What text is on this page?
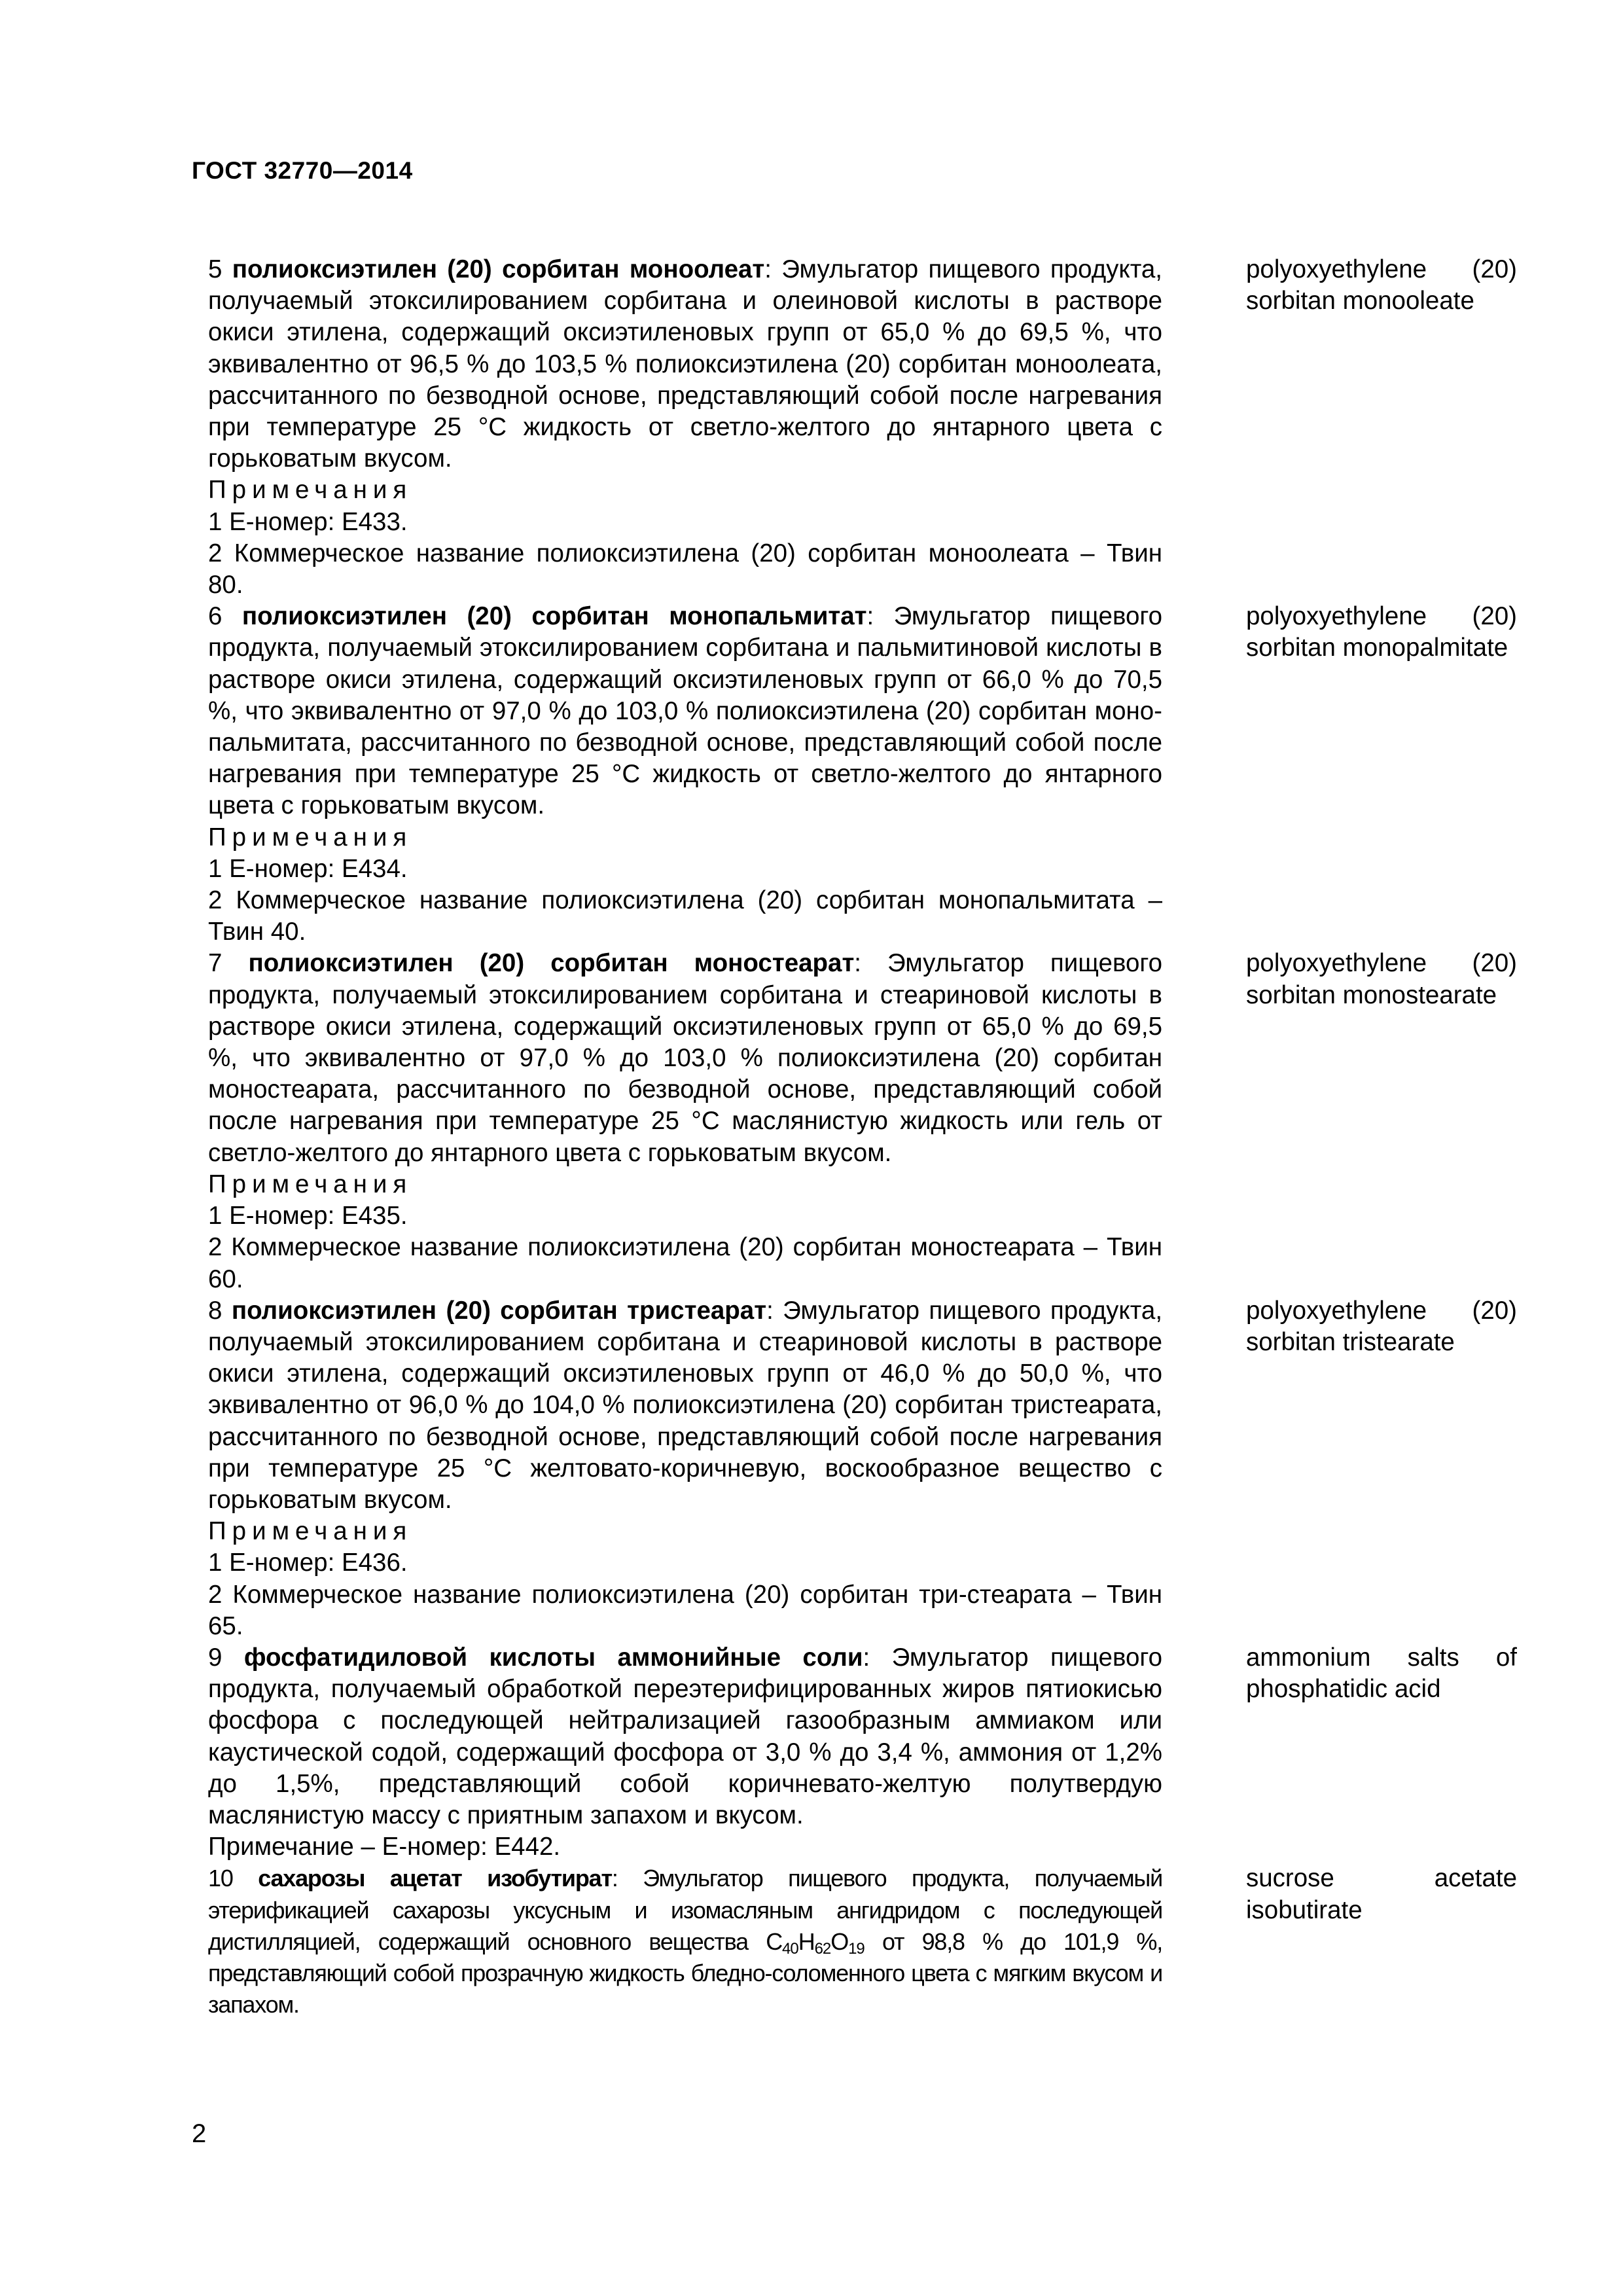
ГОСТ 32770—2014
5 полиоксиэтилен (20) сорбитан моноолеат: Эмульгатор пищевого продукта, получаемый этоксилированием сорбитана и олеиновой кислоты в растворе окиси этилена, содержащий оксиэтиленовых групп от 65,0 % до 69,5 %, что эквивалентно от 96,5 % до 103,5 % полиоксиэтилена (20) сорбитан моноолеата, рассчитанного по безводной основе, представляющий собой после нагревания при температуре 25 °С жидкость от светло-желтого до янтарного цвета с горьковатым вкусом.
Примечания
1 Е-номер: Е433.
2 Коммерческое название полиоксиэтилена (20) сорбитан моноолеата – Твин 80.
polyoxyethylene (20) sorbitan monooleate
6 полиоксиэтилен (20) сорбитан монопальмитат: Эмульгатор пищевого продукта, получаемый этоксилированием сорбитана и пальмитиновой кислоты в растворе окиси этилена, содержащий оксиэтиленовых групп от 66,0 % до 70,5 %, что эквивалентно от 97,0 % до 103,0 % полиоксиэтилена (20) сорбитан моно-пальмитата, рассчитанного по безводной основе, представляющий собой после нагревания при температуре 25 °С жидкость от светло-желтого до янтарного цвета с горьковатым вкусом.
Примечания
1 Е-номер: Е434.
2 Коммерческое название полиоксиэтилена (20) сорбитан монопальмитата – Твин 40.
polyoxyethylene (20) sorbitan monopalmitate
7 полиоксиэтилен (20) сорбитан моностеарат: Эмульгатор пищевого продукта, получаемый этоксилированием сорбитана и стеариновой кислоты в растворе окиси этилена, содержащий оксиэтиленовых групп от 65,0 % до 69,5 %, что эквивалентно от 97,0 % до 103,0 % полиоксиэтилена (20) сорбитан моностеарата, рассчитанного по безводной основе, представляющий собой после нагревания при температуре 25 °С маслянистую жидкость или гель от светло-желтого до янтарного цвета с горьковатым вкусом.
Примечания
1 Е-номер: Е435.
2 Коммерческое название полиоксиэтилена (20) сорбитан моностеарата – Твин 60.
polyoxyethylene (20) sorbitan monostearate
8 полиоксиэтилен (20) сорбитан тристеарат: Эмульгатор пищевого продукта, получаемый этоксилированием сорбитана и стеариновой кислоты в растворе окиси этилена, содержащий оксиэтиленовых групп от 46,0 % до 50,0 %, что эквивалентно от 96,0 % до 104,0 % полиоксиэтилена (20) сорбитан тристеарата, рассчитанного по безводной основе, представляющий собой после нагревания при температуре 25 °С желтовато-коричневую, воскообразное вещество с горьковатым вкусом.
Примечания
1 Е-номер: Е436.
2 Коммерческое название полиоксиэтилена (20) сорбитан три-стеарата – Твин 65.
polyoxyethylene (20) sorbitan tristearate
9 фосфатидиловой кислоты аммонийные соли: Эмульгатор пищевого продукта, получаемый обработкой переэтерифицированных жиров пятиокисью фосфора с последующей нейтрализацией газообразным аммиаком или каустической содой, содержащий фосфора от 3,0 % до 3,4 %, аммония от 1,2% до 1,5%, представляющий собой коричневато-желтую полутвердую маслянистую массу с приятным запахом и вкусом.
Примечание – Е-номер: Е442.
ammonium salts of phosphatidic acid
10 сахарозы ацетат изобутират: Эмульгатор пищевого продукта, получаемый этерификацией сахарозы уксусным и изомасляным ангидридом с последующей дистилляцией, содержащий основного вещества $C_{40}H_{62}O_{19}$ от 98,8 % до 101,9 %, представляющий собой прозрачную жидкость бледно-соломенного цвета с мягким вкусом и запахом.
sucrose acetate isobutirate
2
